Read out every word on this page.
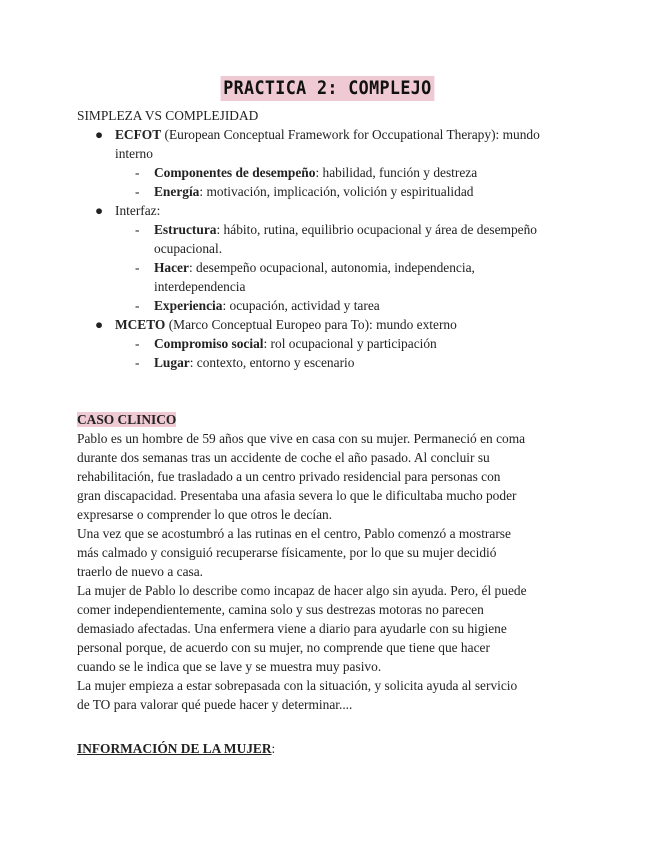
PRACTICA 2: COMPLEJO
SIMPLEZA VS COMPLEJIDAD
● ECFOT (European Conceptual Framework for Occupational Therapy): mundo
interno
- Componentes de desempeño: habilidad, función y destreza
- Energía: motivación, implicación, volición y espiritualidad
● Interfaz:
- Estructura: hábito, rutina, equilibrio ocupacional y área de desempeño
ocupacional.
- Hacer: desempeño ocupacional, autonomia, independencia,
interdependencia
- Experiencia: ocupación, actividad y tarea
● MCETO (Marco Conceptual Europeo para To): mundo externo
- Compromiso social: rol ocupacional y participación
- Lugar: contexto, entorno y escenario
CASO CLINICO
Pablo es un hombre de 59 años que vive en casa con su mujer. Permaneció en coma
durante dos semanas tras un accidente de coche el año pasado. Al concluir su
rehabilitación, fue trasladado a un centro privado residencial para personas con
gran discapacidad. Presentaba una afasia severa lo que le dificultaba mucho poder
expresarse o comprender lo que otros le decían.
Una vez que se acostumbró a las rutinas en el centro, Pablo comenzó a mostrarse
más calmado y consiguió recuperarse físicamente, por lo que su mujer decidió
traerlo de nuevo a casa.
La mujer de Pablo lo describe como incapaz de hacer algo sin ayuda. Pero, él puede
comer independientemente, camina solo y sus destrezas motoras no parecen
demasiado afectadas. Una enfermera viene a diario para ayudarle con su higiene
personal porque, de acuerdo con su mujer, no comprende que tiene que hacer
cuando se le indica que se lave y se muestra muy pasivo.
La mujer empieza a estar sobrepasada con la situación, y solicita ayuda al servicio
de TO para valorar qué puede hacer y determinar....
INFORMACIÓN DE LA MUJER:
